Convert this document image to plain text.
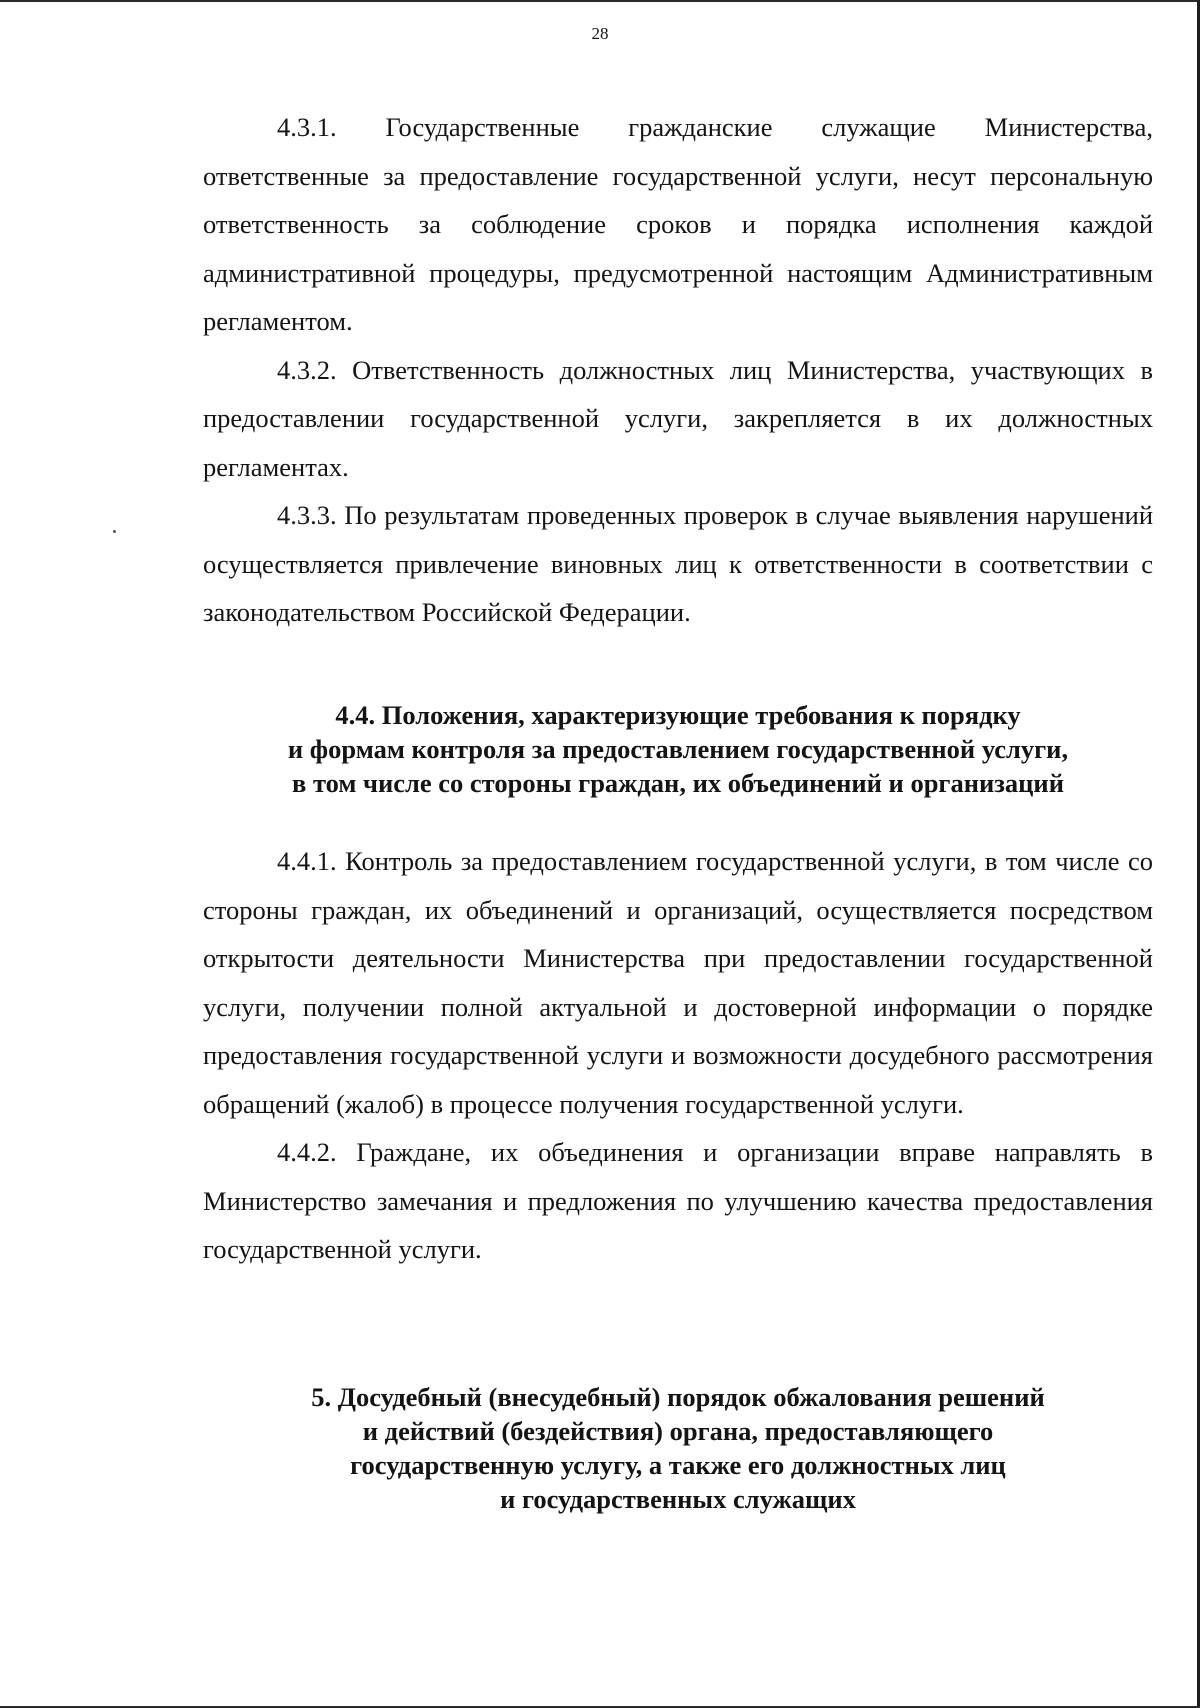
28

4.3.1. Государственные гражданские служащие Министерства, ответственные за предоставление государственной услуги, несут персональную ответственность за соблюдение сроков и порядка исполнения каждой административной процедуры, предусмотренной настоящим Административным регламентом.

4.3.2. Ответственность должностных лиц Министерства, участвующих в предоставлении государственной услуги, закрепляется в их должностных регламентах.

4.3.3. По результатам проведенных проверок в случае выявления нарушений осуществляется привлечение виновных лиц к ответственности в соответствии с законодательством Российской Федерации.

4.4. Положения, характеризующие требования к порядку
и формам контроля за предоставлением государственной услуги,
в том числе со стороны граждан, их объединений и организаций

4.4.1. Контроль за предоставлением государственной услуги, в том числе со стороны граждан, их объединений и организаций, осуществляется посредством открытости деятельности Министерства при предоставлении государственной услуги, получении полной актуальной и достоверной информации о порядке предоставления государственной услуги и возможности досудебного рассмотрения обращений (жалоб) в процессе получения государственной услуги.

4.4.2. Граждане, их объединения и организации вправе направлять в Министерство замечания и предложения по улучшению качества предоставления государственной услуги.

5. Досудебный (внесудебный) порядок обжалования решений
и действий (бездействия) органа, предоставляющего
государственную услугу, а также его должностных лиц
и государственных служащих
